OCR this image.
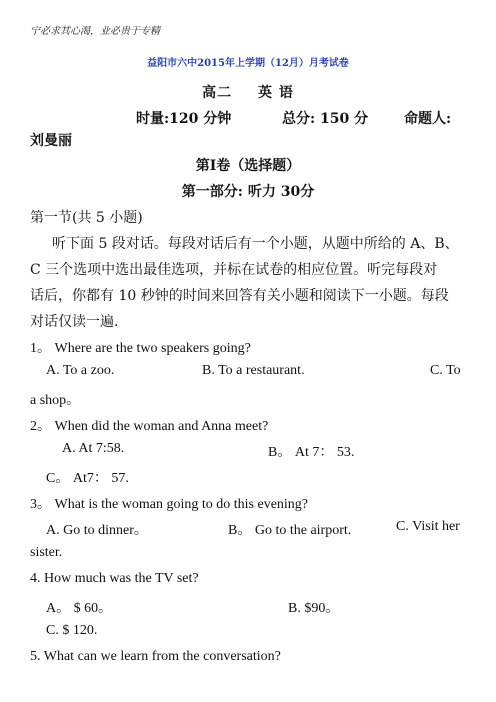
宁必求其心渴，业必贵于专精
益阳市六中2015年上学期（12月）月考试卷
高二 英 语
时量:120 分钟	总分: 150 分	命题人:
刘曼丽
第I卷（选择题）
第一部分: 听力 30分
第一节(共 5 小题)
听下面 5 段对话。每段对话后有一个小题，从题中所给的 A、B、
C 三个选项中选出最佳选项，并标在试卷的相应位置。听完每段对
话后，你都有 10 秒钟的时间来回答有关小题和阅读下一小题。每段
对话仅读一遍.
1。 Where are the two speakers going?
A. To a zoo.	B. To a restaurant.	C. To
a shop。
2。 When did the woman and Anna meet?
A. At 7:58.	B。 At 7： 53.
C。 At7： 57.
3。 What is the woman going to do this evening?
A. Go to dinner。	B。 Go to the airport.	C. Visit her
sister.
4. How much was the TV set?
A。 $ 60。	B. $90。
C. $ 120.
5. What can we learn from the conversation?
